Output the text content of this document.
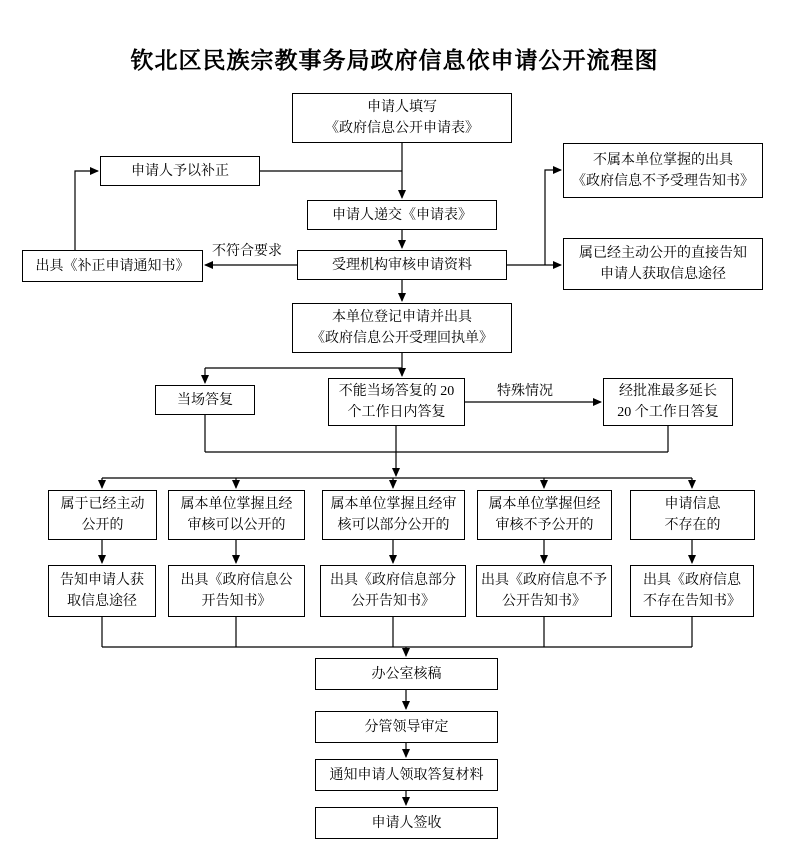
钦北区民族宗教事务局政府信息依申请公开流程图
申请人填写
《政府信息公开申请表》
申请人予以补正
不属本单位掌握的出具
《政府信息不予受理告知书》
申请人递交《申请表》
受理机构审核申请资料
出具《补正申请通知书》
属已经主动公开的直接告知
申请人获取信息途径
本单位登记申请并出具
《政府信息公开受理回执单》
当场答复
不能当场答复的 20
个工作日内答复
经批准最多延长
20 个工作日答复
不符合要求
特殊情况
属于已经主动
公开的
属本单位掌握且经
审核可以公开的
属本单位掌握且经审
核可以部分公开的
属本单位掌握但经
审核不予公开的
申请信息
不存在的
告知申请人获
取信息途径
出具《政府信息公
开告知书》
出具《政府信息部分
公开告知书》
出具《政府信息不予
公开告知书》
出具《政府信息
不存在告知书》
办公室核稿
分管领导审定
通知申请人领取答复材料
申请人签收
